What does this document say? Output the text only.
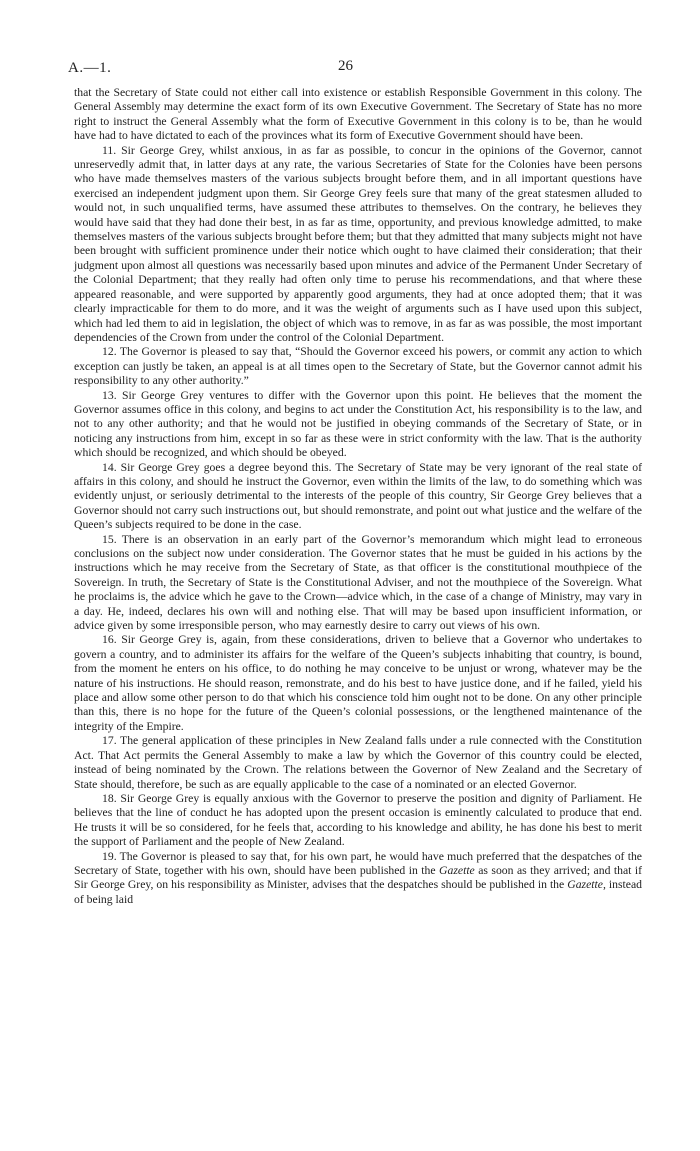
A.—1.	26

that the Secretary of State could not either call into existence or establish Responsible Government in this colony. The General Assembly may determine the exact form of its own Executive Government. The Secretary of State has no more right to instruct the General Assembly what the form of Executive Government in this colony is to be, than he would have had to have dictated to each of the provinces what its form of Executive Government should have been.

11. Sir George Grey, whilst anxious, in as far as possible, to concur in the opinions of the Governor, cannot unreservedly admit that, in latter days at any rate, the various Secretaries of State for the Colonies have been persons who have made themselves masters of the various subjects brought before them, and in all important questions have exercised an independent judgment upon them. Sir George Grey feels sure that many of the great statesmen alluded to would not, in such unqualified terms, have assumed these attributes to themselves. On the contrary, he believes they would have said that they had done their best, in as far as time, opportunity, and previous knowledge admitted, to make themselves masters of the various subjects brought before them; but that they admitted that many subjects might not have been brought with sufficient prominence under their notice which ought to have claimed their consideration; that their judgment upon almost all questions was necessarily based upon minutes and advice of the Permanent Under Secretary of the Colonial Department; that they really had often only time to peruse his recommendations, and that where these appeared reasonable, and were supported by apparently good arguments, they had at once adopted them; that it was clearly impracticable for them to do more, and it was the weight of arguments such as I have used upon this subject, which had led them to aid in legislation, the object of which was to remove, in as far as was possible, the most important dependencies of the Crown from under the control of the Colonial Department.

12. The Governor is pleased to say that, “Should the Governor exceed his powers, or commit any action to which exception can justly be taken, an appeal is at all times open to the Secretary of State, but the Governor cannot admit his responsibility to any other authority.”

13. Sir George Grey ventures to differ with the Governor upon this point. He believes that the moment the Governor assumes office in this colony, and begins to act under the Constitution Act, his responsibility is to the law, and not to any other authority; and that he would not be justified in obeying commands of the Secretary of State, or in noticing any instructions from him, except in so far as these were in strict conformity with the law. That is the authority which should be recognized, and which should be obeyed.

14. Sir George Grey goes a degree beyond this. The Secretary of State may be very ignorant of the real state of affairs in this colony, and should he instruct the Governor, even within the limits of the law, to do something which was evidently unjust, or seriously detrimental to the interests of the people of this country, Sir George Grey believes that a Governor should not carry such instructions out, but should remonstrate, and point out what justice and the welfare of the Queen’s subjects required to be done in the case.

15. There is an observation in an early part of the Governor’s memorandum which might lead to erroneous conclusions on the subject now under consideration. The Governor states that he must be guided in his actions by the instructions which he may receive from the Secretary of State, as that officer is the constitutional mouthpiece of the Sovereign. In truth, the Secretary of State is the Constitutional Adviser, and not the mouthpiece of the Sovereign. What he proclaims is, the advice which he gave to the Crown—advice which, in the case of a change of Ministry, may vary in a day. He, indeed, declares his own will and nothing else. That will may be based upon insufficient information, or advice given by some irresponsible person, who may earnestly desire to carry out views of his own.

16. Sir George Grey is, again, from these considerations, driven to believe that a Governor who undertakes to govern a country, and to administer its affairs for the welfare of the Queen’s subjects inhabiting that country, is bound, from the moment he enters on his office, to do nothing he may conceive to be unjust or wrong, whatever may be the nature of his instructions. He should reason, remonstrate, and do his best to have justice done, and if he failed, yield his place and allow some other person to do that which his conscience told him ought not to be done. On any other principle than this, there is no hope for the future of the Queen’s colonial possessions, or the lengthened maintenance of the integrity of the Empire.

17. The general application of these principles in New Zealand falls under a rule connected with the Constitution Act. That Act permits the General Assembly to make a law by which the Governor of this country could be elected, instead of being nominated by the Crown. The relations between the Governor of New Zealand and the Secretary of State should, therefore, be such as are equally applicable to the case of a nominated or an elected Governor.

18. Sir George Grey is equally anxious with the Governor to preserve the position and dignity of Parliament. He believes that the line of conduct he has adopted upon the present occasion is eminently calculated to produce that end. He trusts it will be so considered, for he feels that, according to his knowledge and ability, he has done his best to merit the support of Parliament and the people of New Zealand.

19. The Governor is pleased to say that, for his own part, he would have much preferred that the despatches of the Secretary of State, together with his own, should have been published in the Gazette as soon as they arrived; and that if Sir George Grey, on his responsibility as Minister, advises that the despatches should be published in the Gazette, instead of being laid
